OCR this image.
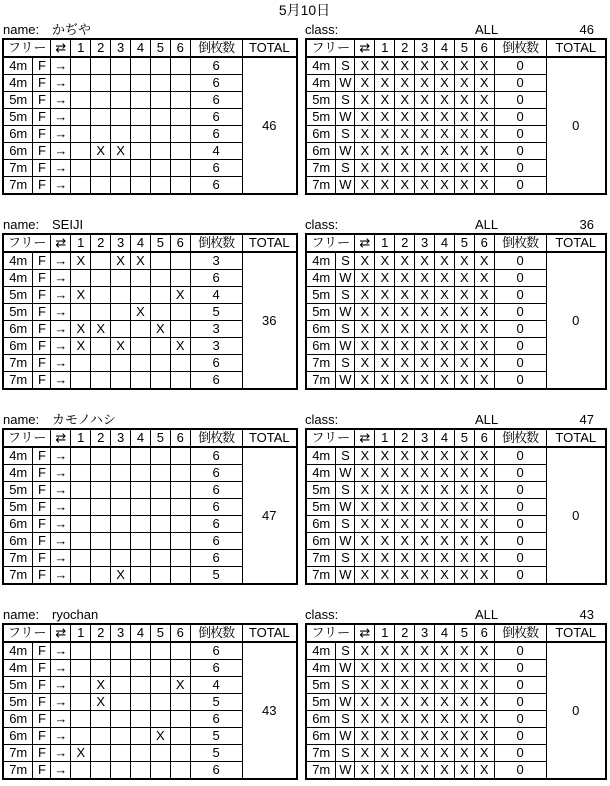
5月10日
name: かぢや	class:	ALL	46
フリー		⇄	1	2	3	4	5	6	倒枚数	TOTAL
4m	F	→							6	46
4m	F	→							6	
5m	F	→							6	
5m	F	→							6	
6m	F	→							6	
6m	F	→		X	X				4	
7m	F	→							6	
7m	F	→							6	
フリー		⇄	1	2	3	4	5	6	倒枚数	TOTAL
4m	S	X	X	X	X	X	X	X	0	0
4m	W	X	X	X	X	X	X	X	0	
5m	S	X	X	X	X	X	X	X	0	
5m	W	X	X	X	X	X	X	X	0	
6m	S	X	X	X	X	X	X	X	0	
6m	W	X	X	X	X	X	X	X	0	
7m	S	X	X	X	X	X	X	X	0	
7m	W	X	X	X	X	X	X	X	0	
name: SEIJI	class:	ALL	36
フリー		⇄	1	2	3	4	5	6	倒枚数	TOTAL
4m	F	→	X		X	X			3	36
4m	F	→							6	
5m	F	→	X					X	4	
5m	F	→				X			5	
6m	F	→	X	X			X		3	
6m	F	→	X		X			X	3	
7m	F	→							6	
7m	F	→							6	
フリー		⇄	1	2	3	4	5	6	倒枚数	TOTAL
4m	S	X	X	X	X	X	X	X	0	0
4m	W	X	X	X	X	X	X	X	0	
5m	S	X	X	X	X	X	X	X	0	
5m	W	X	X	X	X	X	X	X	0	
6m	S	X	X	X	X	X	X	X	0	
6m	W	X	X	X	X	X	X	X	0	
7m	S	X	X	X	X	X	X	X	0	
7m	W	X	X	X	X	X	X	X	0	
name: カモノハシ	class:	ALL	47
フリー		⇄	1	2	3	4	5	6	倒枚数	TOTAL
4m	F	→							6	47
4m	F	→							6	
5m	F	→							6	
5m	F	→							6	
6m	F	→							6	
6m	F	→							6	
7m	F	→							6	
7m	F	→			X				5	
フリー		⇄	1	2	3	4	5	6	倒枚数	TOTAL
4m	S	X	X	X	X	X	X	X	0	0
4m	W	X	X	X	X	X	X	X	0	
5m	S	X	X	X	X	X	X	X	0	
5m	W	X	X	X	X	X	X	X	0	
6m	S	X	X	X	X	X	X	X	0	
6m	W	X	X	X	X	X	X	X	0	
7m	S	X	X	X	X	X	X	X	0	
7m	W	X	X	X	X	X	X	X	0	
name: ryochan	class:	ALL	43
フリー		⇄	1	2	3	4	5	6	倒枚数	TOTAL
4m	F	→							6	43
4m	F	→							6	
5m	F	→		X				X	4	
5m	F	→		X					5	
6m	F	→							6	
6m	F	→					X		5	
7m	F	→	X						5	
7m	F	→							6	
フリー		⇄	1	2	3	4	5	6	倒枚数	TOTAL
4m	S	X	X	X	X	X	X	X	0	0
4m	W	X	X	X	X	X	X	X	0	
5m	S	X	X	X	X	X	X	X	0	
5m	W	X	X	X	X	X	X	X	0	
6m	S	X	X	X	X	X	X	X	0	
6m	W	X	X	X	X	X	X	X	0	
7m	S	X	X	X	X	X	X	X	0	
7m	W	X	X	X	X	X	X	X	0	
